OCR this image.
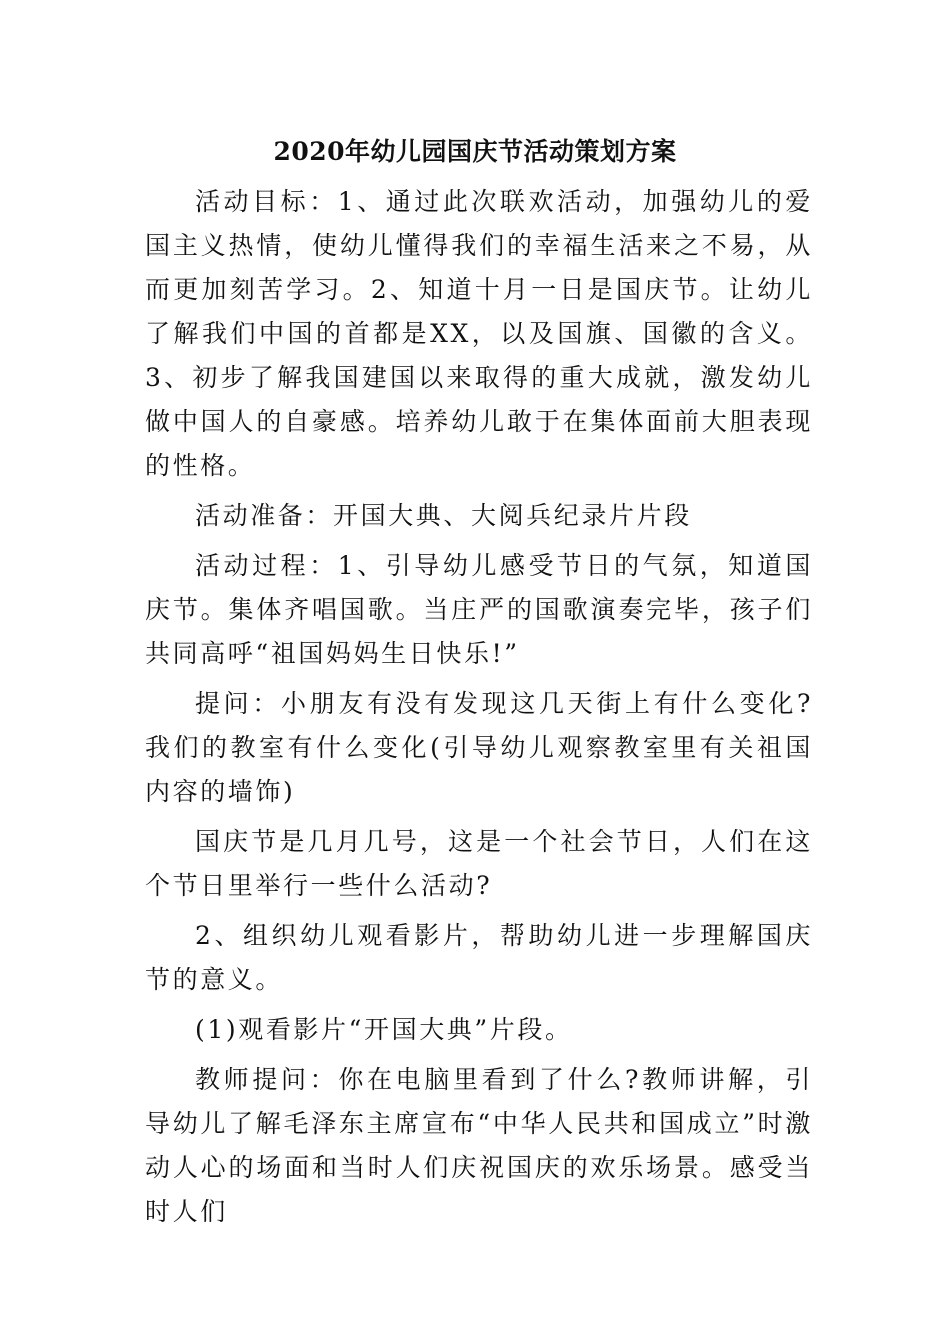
2020年幼儿园国庆节活动策划方案

活动目标：1、通过此次联欢活动，加强幼儿的爱国主义热情，使幼儿懂得我们的幸福生活来之不易，从而更加刻苦学习。2、知道十月一日是国庆节。让幼儿了解我们中国的首都是XX，以及国旗、国徽的含义。3、初步了解我国建国以来取得的重大成就，激发幼儿做中国人的自豪感。培养幼儿敢于在集体面前大胆表现的性格。

活动准备：开国大典、大阅兵纪录片片段

活动过程：1、引导幼儿感受节日的气氛，知道国庆节。集体齐唱国歌。当庄严的国歌演奏完毕，孩子们共同高呼“祖国妈妈生日快乐!”

提问：小朋友有没有发现这几天街上有什么变化?我们的教室有什么变化(引导幼儿观察教室里有关祖国内容的墙饰)

国庆节是几月几号，这是一个社会节日，人们在这个节日里举行一些什么活动?

2、组织幼儿观看影片，帮助幼儿进一步理解国庆节的意义。

(1)观看影片“开国大典”片段。

教师提问：你在电脑里看到了什么?教师讲解，引导幼儿了解毛泽东主席宣布“中华人民共和国成立”时激动人心的场面和当时人们庆祝国庆的欢乐场景。感受当时人们
